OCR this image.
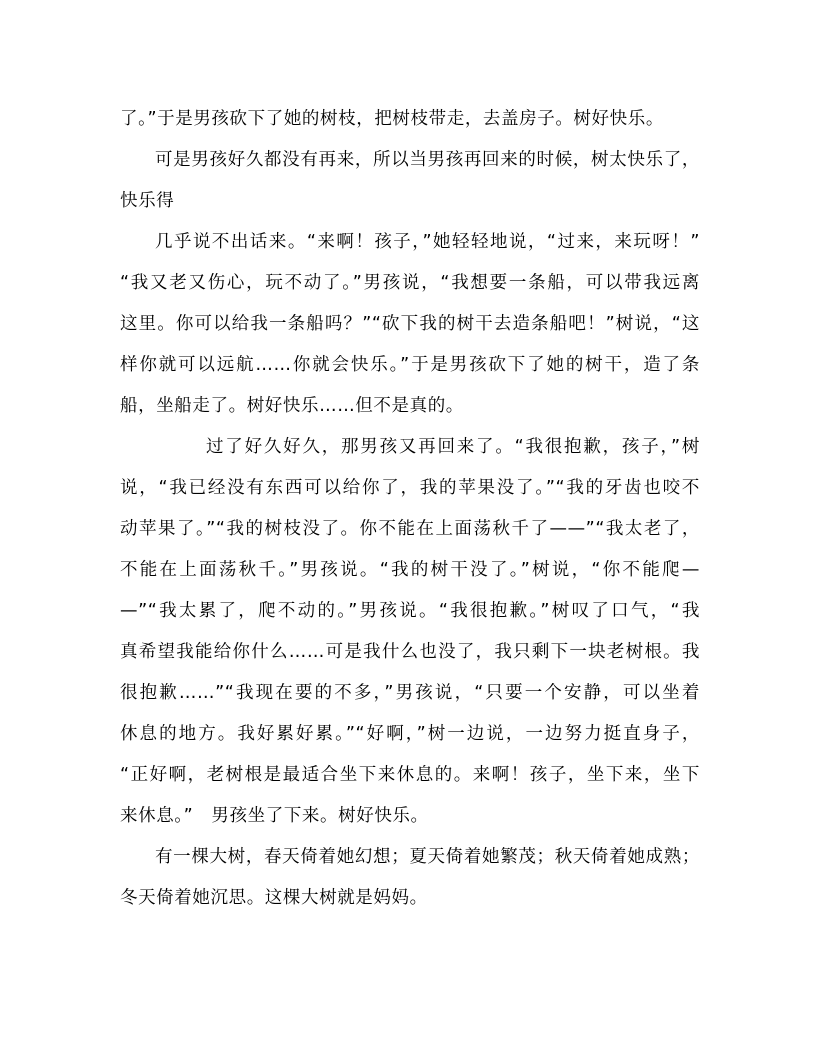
了。”于是男孩砍下了她的树枝，把树枝带走，去盖房子。树好快乐。
可是男孩好久都没有再来，所以当男孩再回来的时候，树太快乐了，
快乐得
几乎说不出话来。“来啊！孩子，”她轻轻地说，“过来，来玩呀！”
“我又老又伤心，玩不动了。”男孩说，“我想要一条船，可以带我远离
这里。你可以给我一条船吗？”“砍下我的树干去造条船吧！”树说，“这
样你就可以远航……你就会快乐。”于是男孩砍下了她的树干，造了条
船，坐船走了。树好快乐……但不是真的。
过了好久好久，那男孩又再回来了。“我很抱歉，孩子，”树
说，“我已经没有东西可以给你了，我的苹果没了。”“我的牙齿也咬不
动苹果了。”“我的树枝没了。你不能在上面荡秋千了——”“我太老了，
不能在上面荡秋千。”男孩说。“我的树干没了。”树说，“你不能爬—
—”“我太累了，爬不动的。”男孩说。“我很抱歉。”树叹了口气，“我
真希望我能给你什么……可是我什么也没了，我只剩下一块老树根。我
很抱歉……”“我现在要的不多，”男孩说，“只要一个安静，可以坐着
休息的地方。我好累好累。”“好啊，”树一边说，一边努力挺直身子，
“正好啊，老树根是最适合坐下来休息的。来啊！孩子，坐下来，坐下
来休息。”　男孩坐了下来。树好快乐。
有一棵大树，春天倚着她幻想；夏天倚着她繁茂；秋天倚着她成熟；
冬天倚着她沉思。这棵大树就是妈妈。
